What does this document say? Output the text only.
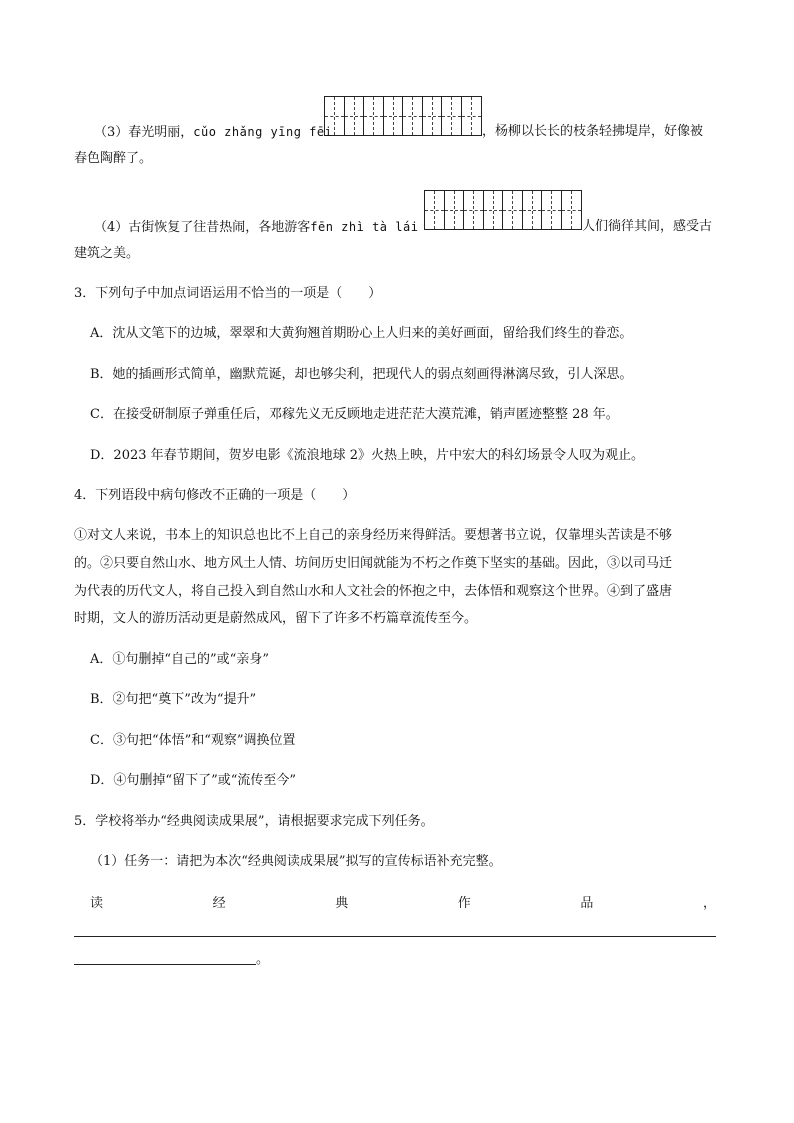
（3）春光明丽，cǔo zhǎng yīng fēi	，杨柳以长长的枝条轻拂堤岸，好像被
春色陶醉了。
（4）古街恢复了往昔热闹，各地游客fēn zhì tà lái	人们徜徉其间，感受古
建筑之美。
3．下列句子中加点词语运用不恰当的一项是（　　）
A．沈从文笔下的边城，翠翠和大黄狗翘首期盼心上人归来的美好画面，留给我们终生的眷恋。
B．她的插画形式简单，幽默荒诞，却也够尖利，把现代人的弱点刻画得淋漓尽致，引人深思。
C．在接受研制原子弹重任后，邓稼先义无反顾地走进茫茫大漠荒滩，销声匿迹整整 28 年。
D．2023 年春节期间，贺岁电影《流浪地球 2》火热上映，片中宏大的科幻场景令人叹为观止。
4．下列语段中病句修改不正确的一项是（　　）
①对文人来说，书本上的知识总也比不上自己的亲身经历来得鲜活。要想著书立说，仅靠埋头苦读是不够
的。②只要自然山水、地方风土人情、坊间历史旧闻就能为不朽之作奠下坚实的基础。因此，③以司马迁
为代表的历代文人，将自己投入到自然山水和人文社会的怀抱之中，去体悟和观察这个世界。④到了盛唐
时期，文人的游历活动更是蔚然成风，留下了许多不朽篇章流传至今。
A．①句删掉“自己的”或“亲身”
B．②句把“奠下”改为“提升”
C．③句把“体悟”和“观察”调换位置
D．④句删掉“留下了”或“流传至今”
5．学校将举办“经典阅读成果展”，请根据要求完成下列任务。
（1）任务一：请把为本次“经典阅读成果展”拟写的宣传标语补充完整。
读	经	典	作	品	，
。
